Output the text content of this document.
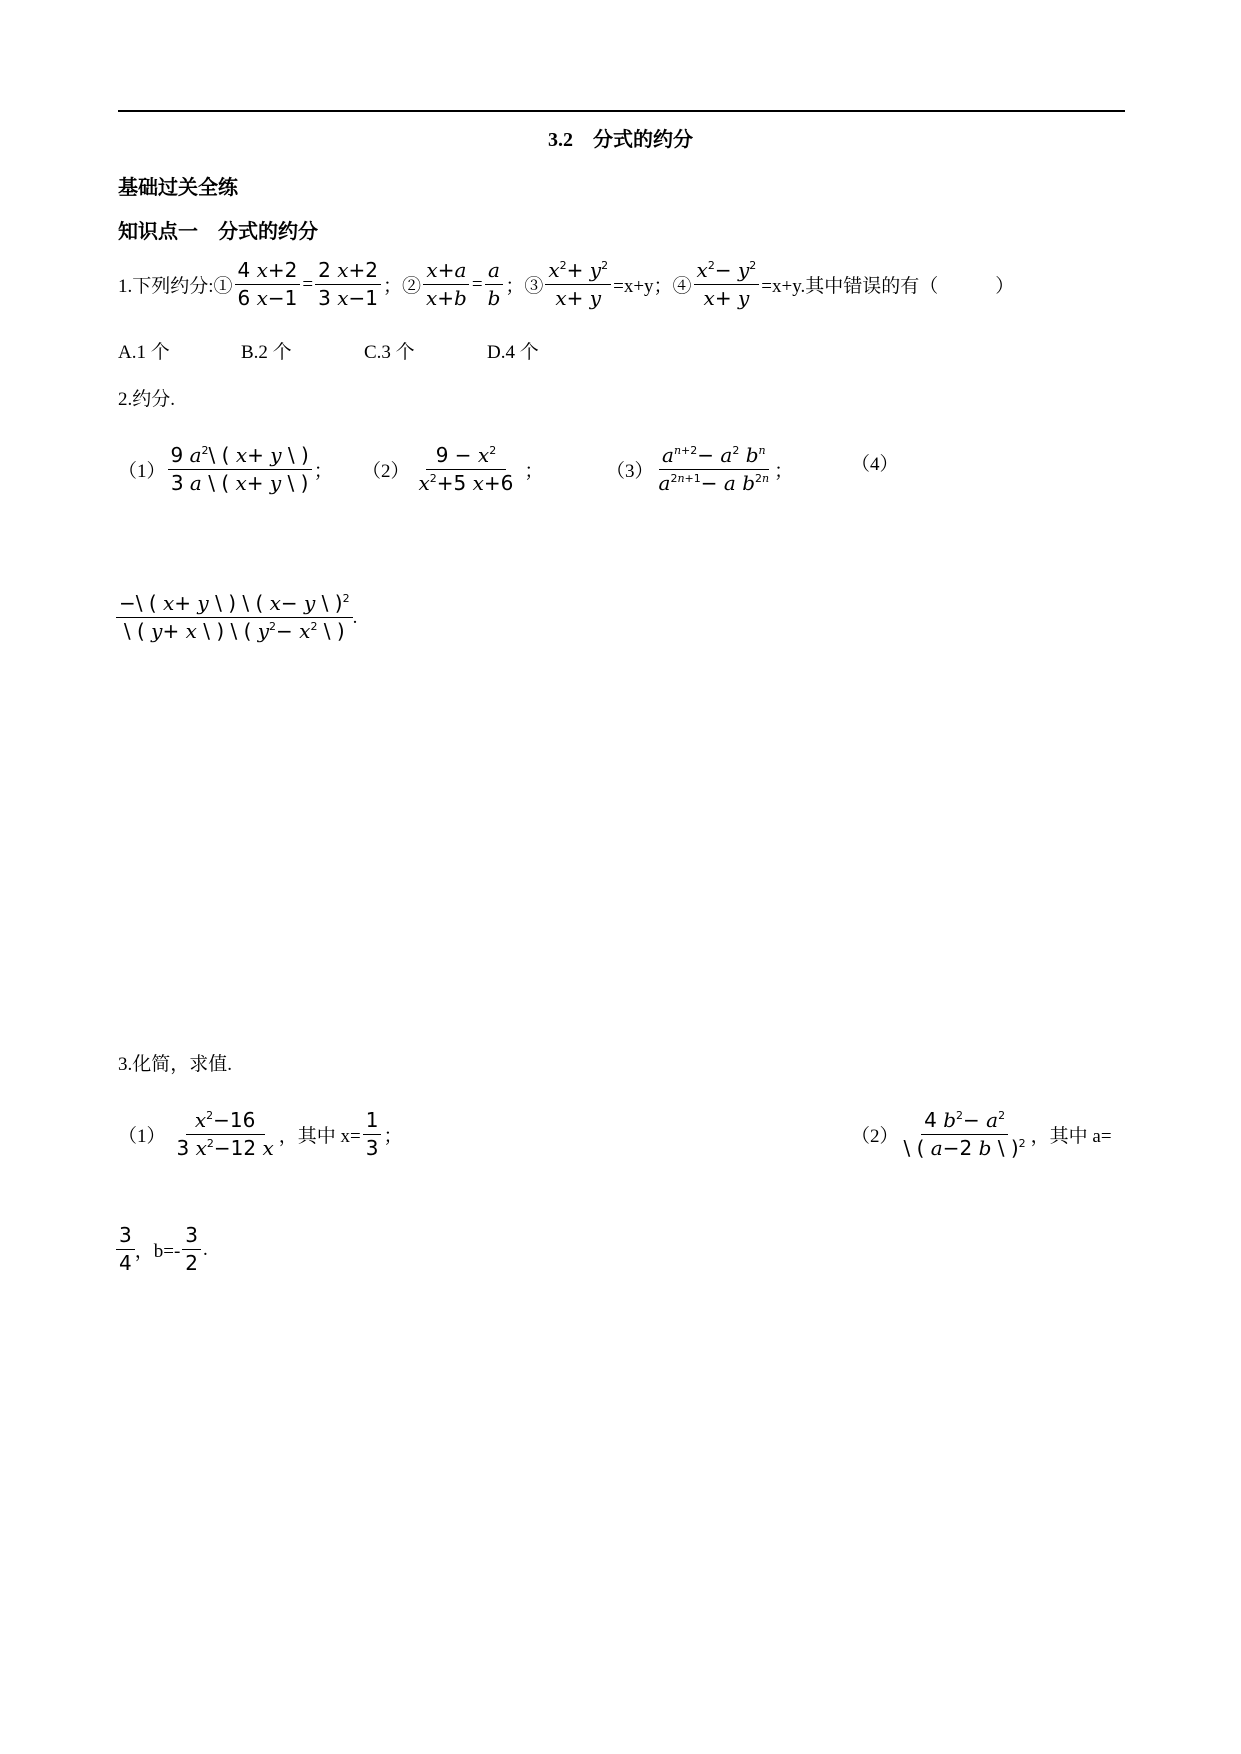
3.2　分式的约分
基础过关全练
知识点一　分式的约分
1.下列约分:① $\frac{4 x+2}{6 x-1} = \frac{2 x+2}{3 x-1}$ ；② $\frac{x+a}{x+b} = \frac{a}{b}$ ；③ $\frac{x^2+ y^2}{x+ y} =x+y$；④ $\frac{x^2- y^2}{x+ y} =x+y$.其中错误的有（　　　）
A.1 个	B.2 个	C.3 个	D.4 个
2.约分.
$(1) \frac{9 a^2\backslash ( x+ y \backslash )}{3 a \backslash ( x+ y \backslash )}$ ； $(2) \frac{9 - x^2}{x^2+5 x+6}$ ；	$(3) \frac{a^{n+2}- a^2 b^n}{a^{2n+1}- a b^{2n}}$ ；	（4）
$\frac{-\backslash ( x+ y \backslash ) \backslash ( x- y \backslash )^2}{\backslash ( y+ x \backslash ) \backslash ( y^2- x^2 \backslash )}$ .
3.化简，求值.
$(1) \frac{x^2-16}{3 x^2-12 x}$ ，其中 $x= \frac{1}{3}$ ；	$(2) \frac{4 b^2- a^2}{\backslash ( a-2 b \backslash )^2}$ ，其中 a=
$\frac{3}{4}$ ，$b=- \frac{3}{2}$ .
